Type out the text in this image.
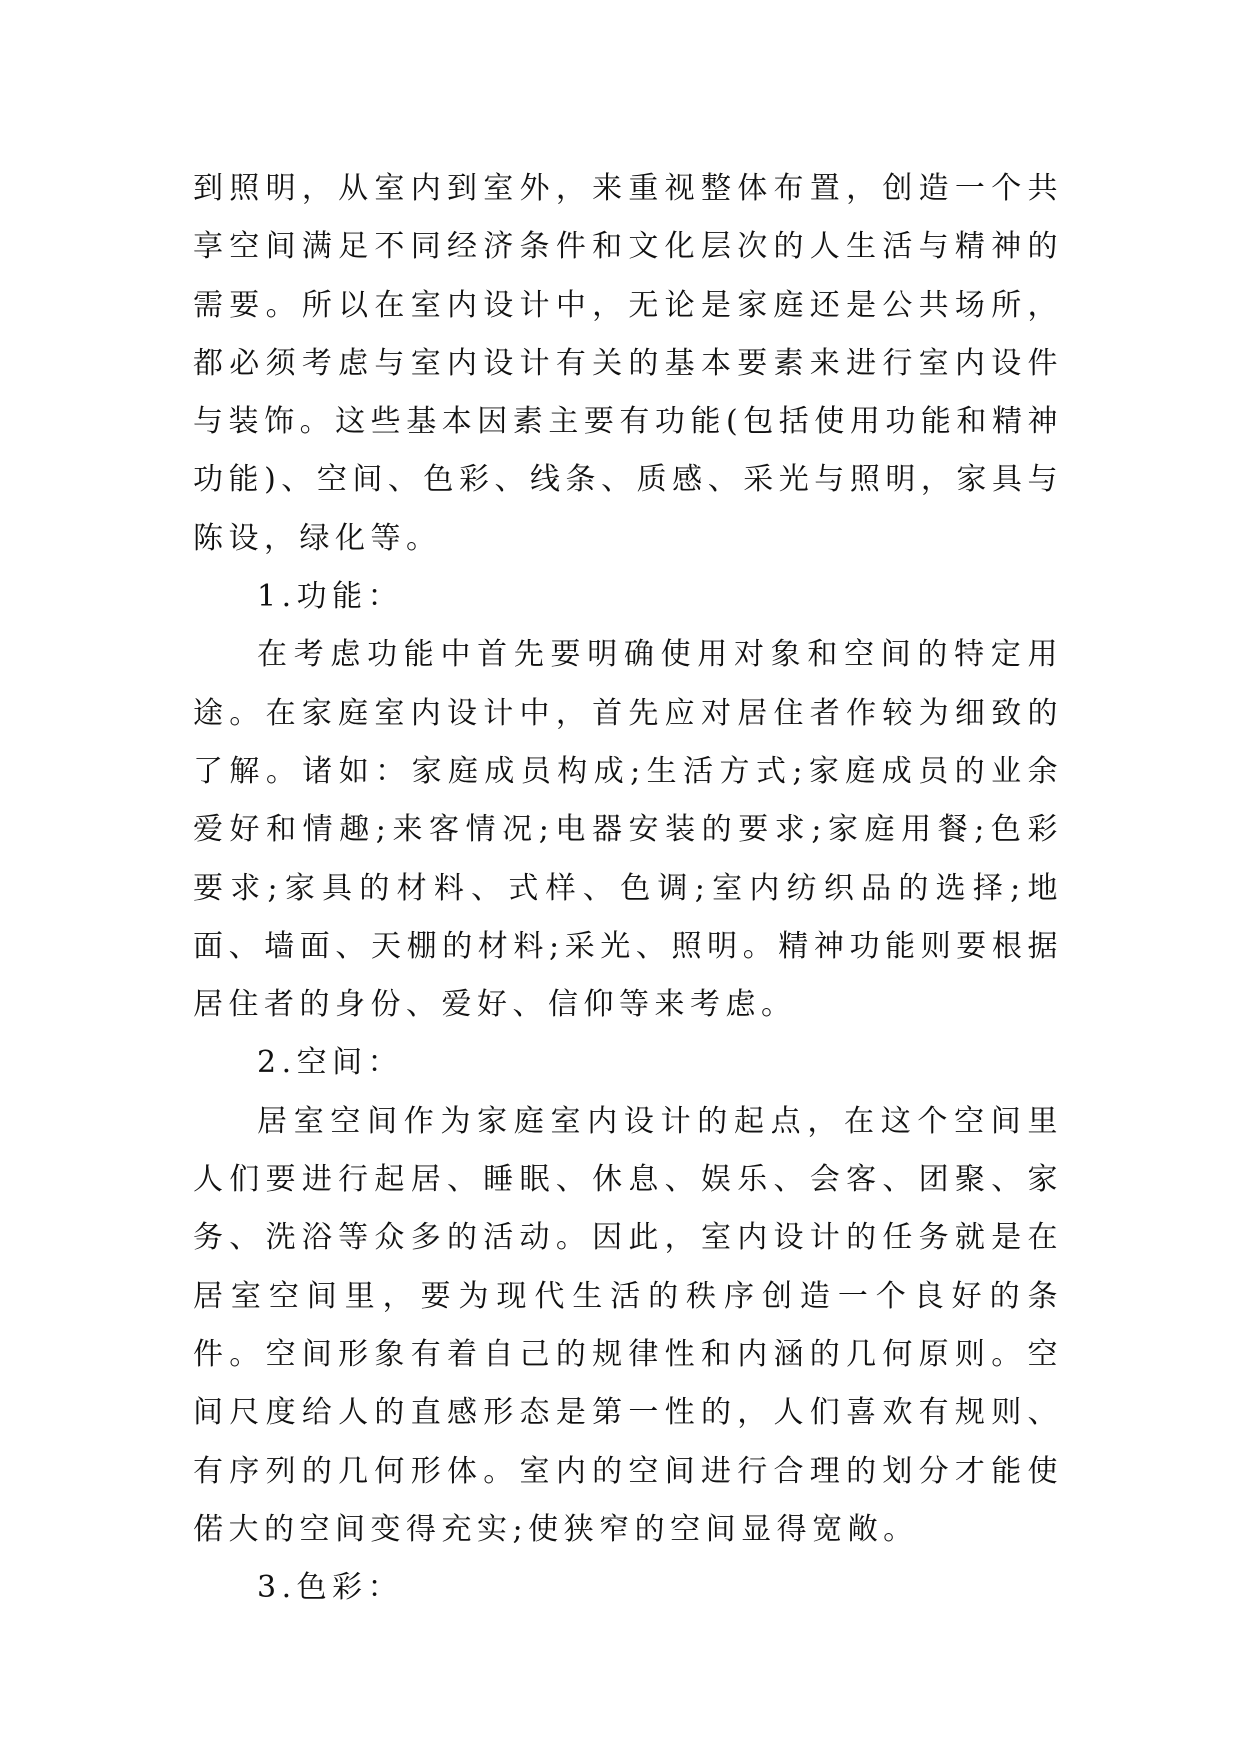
到照明，从室内到室外，来重视整体布置，创造一个共享空间满足不同经济条件和文化层次的人生活与精神的需要。所以在室内设计中，无论是家庭还是公共场所，都必须考虑与室内设计有关的基本要素来进行室内设件与装饰。这些基本因素主要有功能(包括使用功能和精神功能)、空间、色彩、线条、质感、采光与照明，家具与陈设，绿化等。

1.功能：

在考虑功能中首先要明确使用对象和空间的特定用途。在家庭室内设计中，首先应对居住者作较为细致的了解。诸如：家庭成员构成;生活方式;家庭成员的业余爱好和情趣;来客情况;电器安装的要求;家庭用餐;色彩要求;家具的材料、式样、色调;室内纺织品的选择;地面、墙面、天棚的材料;采光、照明。精神功能则要根据居住者的身份、爱好、信仰等来考虑。

2.空间：

居室空间作为家庭室内设计的起点，在这个空间里人们要进行起居、睡眠、休息、娱乐、会客、团聚、家务、洗浴等众多的活动。因此，室内设计的任务就是在居室空间里，要为现代生活的秩序创造一个良好的条件。空间形象有着自己的规律性和内涵的几何原则。空间尺度给人的直感形态是第一性的，人们喜欢有规则、有序列的几何形体。室内的空间进行合理的划分才能使偌大的空间变得充实;使狭窄的空间显得宽敞。

3.色彩：
